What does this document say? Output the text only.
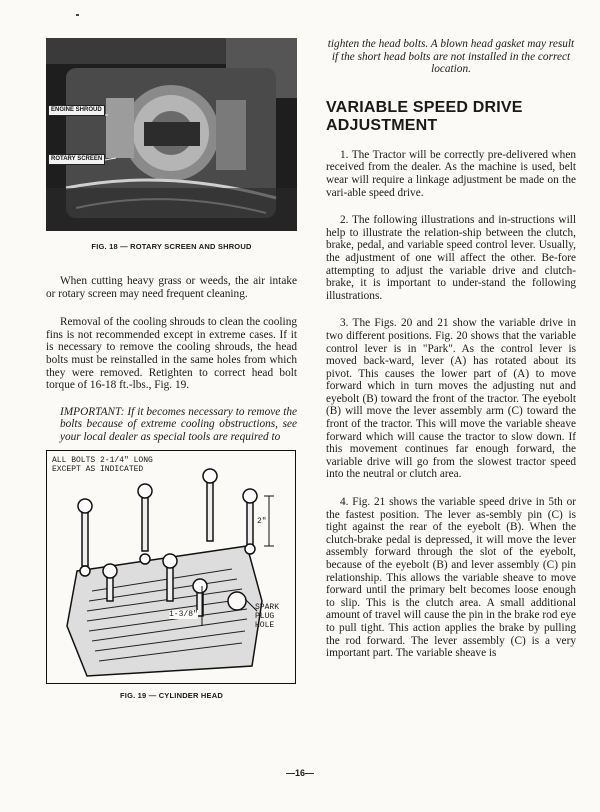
ENGINE SHROUD
ROTARY SCREEN
FIG. 18 — ROTARY SCREEN AND SHROUD

When cutting heavy grass or weeds, the air intake or rotary screen may need frequent cleaning.

Removal of the cooling shrouds to clean the cooling fins is not recommended except in extreme cases. If it is necessary to remove the cooling shrouds, the head bolts must be reinstalled in the same holes from which they were removed. Retighten to correct head bolt torque of 16-18 ft.-lbs., Fig. 19.

IMPORTANT: If it becomes necessary to remove the bolts because of extreme cooling obstructions, see your local dealer as special tools are required to

ALL BOLTS 2-1/4" LONG
EXCEPT AS INDICATED
2"
1-3/8"
SPARK
PLUG
HOLE
FIG. 19 — CYLINDER HEAD

tighten the head bolts. A blown head gasket may result if the short head bolts are not installed in the correct location.

VARIABLE SPEED DRIVE ADJUSTMENT

1. The Tractor will be correctly pre-delivered when received from the dealer. As the machine is used, belt wear will require a linkage adjustment be made on the vari-able speed drive.

2. The following illustrations and in-structions will help to illustrate the relation-ship between the clutch, brake, pedal, and variable speed control lever. Usually, the adjustment of one will affect the other. Be-fore attempting to adjust the variable drive and clutch-brake, it is important to under-stand the following illustrations.

3. The Figs. 20 and 21 show the variable drive in two different positions. Fig. 20 shows that the variable control lever is in "Park". As the control lever is moved back-ward, lever (A) has rotated about its pivot. This causes the lower part of (A) to move forward which in turn moves the adjusting nut and eyebolt (B) toward the front of the tractor. The eyebolt (B) will move the lever assembly arm (C) toward the front of the tractor. This will move the variable sheave forward which will cause the tractor to slow down. If this movement continues far enough forward, the variable drive will go from the slowest tractor speed into the neutral or clutch area.

4. Fig. 21 shows the variable speed drive in 5th or the fastest position. The lever as-sembly pin (C) is tight against the rear of the eyebolt (B). When the clutch-brake pedal is depressed, it will move the lever assembly forward through the slot of the eyebolt, because of the eyebolt (B) and lever assembly (C) pin relationship. This allows the variable sheave to move forward until the primary belt becomes loose enough to slip. This is the clutch area. A small additional amount of travel will cause the pin in the brake rod eye to pull tight. This action applies the brake by pulling the rod forward. The lever assembly (C) is a very important part. The variable sheave is

—16—
